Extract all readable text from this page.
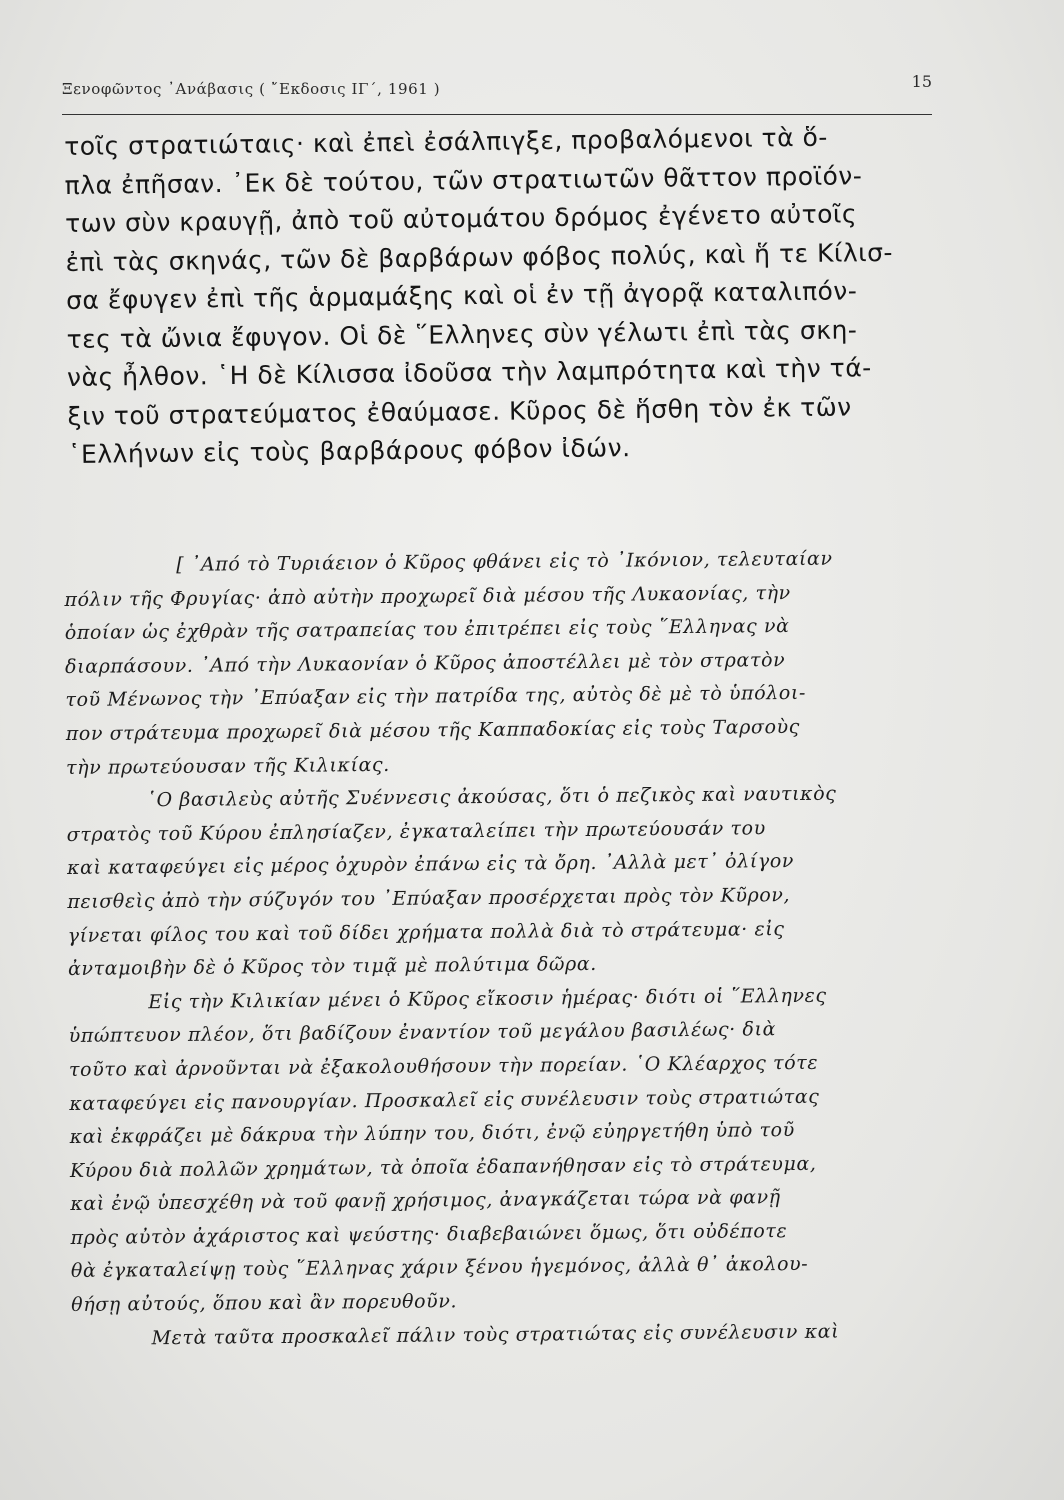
Ξενοφῶντος ᾿Ανάβασις ( ῎Εκδοσις ΙΓ΄, 1961 )	15
τοῖς στρατιώταις· καὶ ἐπεὶ ἐσάλπιγξε, προβαλόμενοι τὰ ὅ-
πλα ἐπῆσαν. ᾿Εκ δὲ τούτου, τῶν στρατιωτῶν θᾶττον προϊόν-
των σὺν κραυγῇ, ἀπὸ τοῦ αὐτομάτου δρόμος ἐγένετο αὐτοῖς
ἐπὶ τὰς σκηνάς, τῶν δὲ βαρβάρων φόβος πολύς, καὶ ἥ τε Κίλισ-
σα ἔφυγεν ἐπὶ τῆς ἁρμαμάξης καὶ οἱ ἐν τῇ ἀγορᾷ καταλιπόν-
τες τὰ ὤνια ἔφυγον. Οἱ δὲ ῞Ελληνες σὺν γέλωτι ἐπὶ τὰς σκη-
νὰς ἦλθον. ῾Η δὲ Κίλισσα ἰδοῦσα τὴν λαμπρότητα καὶ τὴν τά-
ξιν τοῦ στρατεύματος ἐθαύμασε. Κῦρος δὲ ἥσθη τὸν ἐκ τῶν
῾Ελλήνων εἰς τοὺς βαρβάρους φόβον ἰδών.
[ ᾿Από τὸ Τυριάειον ὁ Κῦρος φθάνει εἰς τὸ ᾿Ικόνιον, τελευταίαν
πόλιν τῆς Φρυγίας· ἀπὸ αὐτὴν προχωρεῖ διὰ μέσου τῆς Λυκαονίας, τὴν
ὁποίαν ὡς ἐχθρὰν τῆς σατραπείας του ἐπιτρέπει εἰς τοὺς ῞Ελληνας νὰ
διαρπάσουν. ᾿Από τὴν Λυκαονίαν ὁ Κῦρος ἀποστέλλει μὲ τὸν στρατὸν
τοῦ Μένωνος τὴν ᾿Επύαξαν εἰς τὴν πατρίδα της, αὐτὸς δὲ μὲ τὸ ὑπόλοι-
πον στράτευμα προχωρεῖ διὰ μέσου τῆς Καππαδοκίας εἰς τοὺς Ταρσοὺς
τὴν πρωτεύουσαν τῆς Κιλικίας.
῾Ο βασιλεὺς αὐτῆς Συέννεσις ἀκούσας, ὅτι ὁ πεζικὸς καὶ ναυτικὸς
στρατὸς τοῦ Κύρου ἐπλησίαζεν, ἐγκαταλείπει τὴν πρωτεύουσάν του
καὶ καταφεύγει εἰς μέρος ὀχυρὸν ἐπάνω εἰς τὰ ὄρη. ᾿Αλλὰ μετ᾿ ὀλίγον
πεισθεὶς ἀπὸ τὴν σύζυγόν του ᾿Επύαξαν προσέρχεται πρὸς τὸν Κῦρον,
γίνεται φίλος του καὶ τοῦ δίδει χρήματα πολλὰ διὰ τὸ στράτευμα· εἰς
ἀνταμοιβὴν δὲ ὁ Κῦρος τὸν τιμᾷ μὲ πολύτιμα δῶρα.
Εἰς τὴν Κιλικίαν μένει ὁ Κῦρος εἴκοσιν ἡμέρας· διότι οἱ ῞Ελληνες
ὑπώπτευον πλέον, ὅτι βαδίζουν ἐναντίον τοῦ μεγάλου βασιλέως· διὰ
τοῦτο καὶ ἀρνοῦνται νὰ ἐξακολουθήσουν τὴν πορείαν. ῾Ο Κλέαρχος τότε
καταφεύγει εἰς πανουργίαν. Προσκαλεῖ εἰς συνέλευσιν τοὺς στρατιώτας
καὶ ἐκφράζει μὲ δάκρυα τὴν λύπην του, διότι, ἐνῷ εὐηργετήθη ὑπὸ τοῦ
Κύρου διὰ πολλῶν χρημάτων, τὰ ὁποῖα ἐδαπανήθησαν εἰς τὸ στράτευμα,
καὶ ἐνῷ ὑπεσχέθη νὰ τοῦ φανῇ χρήσιμος, ἀναγκάζεται τώρα νὰ φανῇ
πρὸς αὐτὸν ἀχάριστος καὶ ψεύστης· διαβεβαιώνει ὅμως, ὅτι οὐδέποτε
θὰ ἐγκαταλείψῃ τοὺς ῞Ελληνας χάριν ξένου ἡγεμόνος, ἀλλὰ θ᾿ ἀκολου-
θήσῃ αὐτούς, ὅπου καὶ ἂν πορευθοῦν.
Μετὰ ταῦτα προσκαλεῖ πάλιν τοὺς στρατιώτας εἰς συνέλευσιν καὶ
